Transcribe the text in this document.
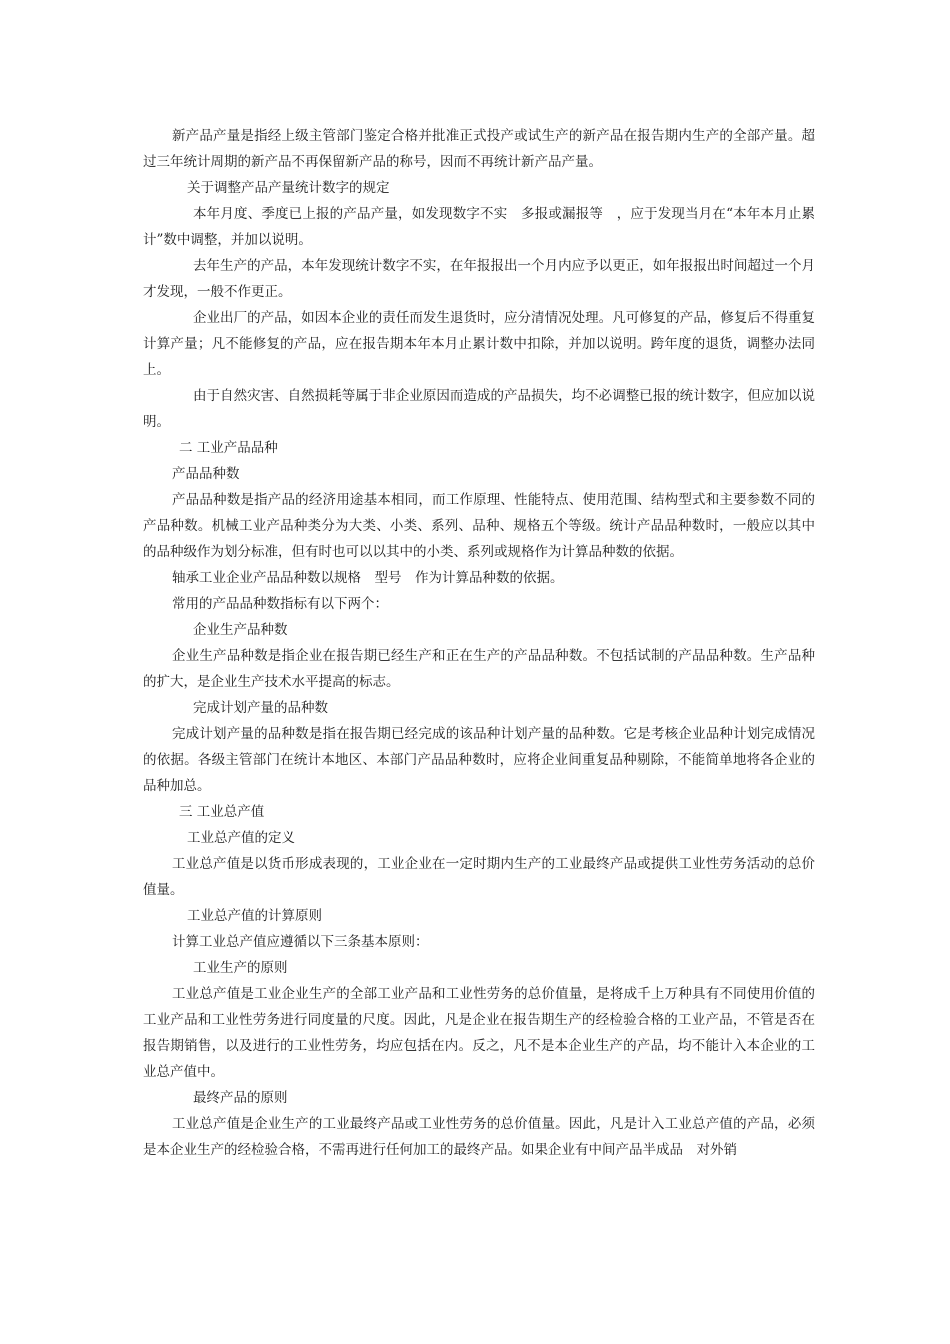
新产品产量是指经上级主管部门鉴定合格并批准正式投产或试生产的新产品在报告期内生产的全部产量。超过三年统计周期的新产品不再保留新产品的称号，因而不再统计新产品产量。

关于调整产品产量统计数字的规定

本年月度、季度已上报的产品产量，如发现数字不实　多报或漏报等　，应于发现当月在“本年本月止累计”数中调整，并加以说明。

去年生产的产品，本年发现统计数字不实，在年报报出一个月内应予以更正，如年报报出时间超过一个月才发现，一般不作更正。

企业出厂的产品，如因本企业的责任而发生退货时，应分清情况处理。凡可修复的产品，修复后不得重复计算产量；凡不能修复的产品，应在报告期本年本月止累计数中扣除，并加以说明。跨年度的退货，调整办法同上。

由于自然灾害、自然损耗等属于非企业原因而造成的产品损失，均不必调整已报的统计数字，但应加以说明。

二 工业产品品种

产品品种数

产品品种数是指产品的经济用途基本相同，而工作原理、性能特点、使用范围、结构型式和主要参数不同的产品种数。机械工业产品种类分为大类、小类、系列、品种、规格五个等级。统计产品品种数时，一般应以其中的品种级作为划分标准，但有时也可以以其中的小类、系列或规格作为计算品种数的依据。

轴承工业企业产品品种数以规格　型号　作为计算品种数的依据。

常用的产品品种数指标有以下两个：

企业生产品种数

企业生产品种数是指企业在报告期已经生产和正在生产的产品品种数。不包括试制的产品品种数。生产品种的扩大，是企业生产技术水平提高的标志。

完成计划产量的品种数

完成计划产量的品种数是指在报告期已经完成的该品种计划产量的品种数。它是考核企业品种计划完成情况的依据。各级主管部门在统计本地区、本部门产品品种数时，应将企业间重复品种剔除，不能简单地将各企业的品种加总。

三 工业总产值

工业总产值的定义

工业总产值是以货币形成表现的，工业企业在一定时期内生产的工业最终产品或提供工业性劳务活动的总价值量。

工业总产值的计算原则

计算工业总产值应遵循以下三条基本原则：

工业生产的原则

工业总产值是工业企业生产的全部工业产品和工业性劳务的总价值量，是将成千上万种具有不同使用价值的工业产品和工业性劳务进行同度量的尺度。因此，凡是企业在报告期生产的经检验合格的工业产品，不管是否在报告期销售，以及进行的工业性劳务，均应包括在内。反之，凡不是本企业生产的产品，均不能计入本企业的工业总产值中。

最终产品的原则

工业总产值是企业生产的工业最终产品或工业性劳务的总价值量。因此，凡是计入工业总产值的产品，必须是本企业生产的经检验合格，不需再进行任何加工的最终产品。如果企业有中间产品半成品　对外销
